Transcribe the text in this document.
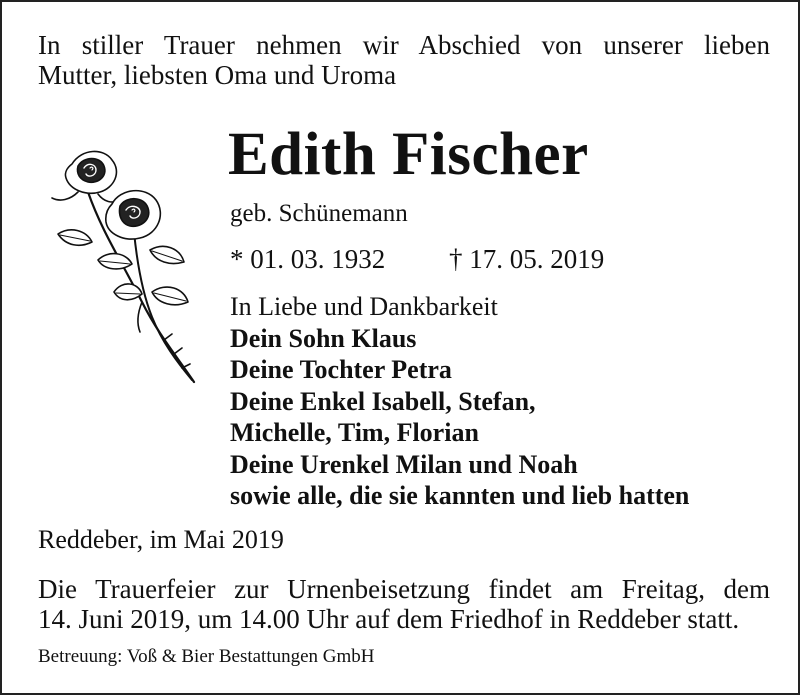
In stiller Trauer nehmen wir Abschied von unserer lieben
Mutter, liebsten Oma und Uroma
Edith Fischer
geb. Schünemann
* 01. 03. 1932 † 17. 05. 2019
In Liebe und Dankbarkeit
Dein Sohn Klaus
Deine Tochter Petra
Deine Enkel Isabell, Stefan,
Michelle, Tim, Florian
Deine Urenkel Milan und Noah
sowie alle, die sie kannten und lieb hatten
Reddeber, im Mai 2019
Die Trauerfeier zur Urnenbeisetzung findet am Freitag, dem
14. Juni 2019, um 14.00 Uhr auf dem Friedhof in Reddeber statt.
Betreuung: Voß & Bier Bestattungen GmbH
